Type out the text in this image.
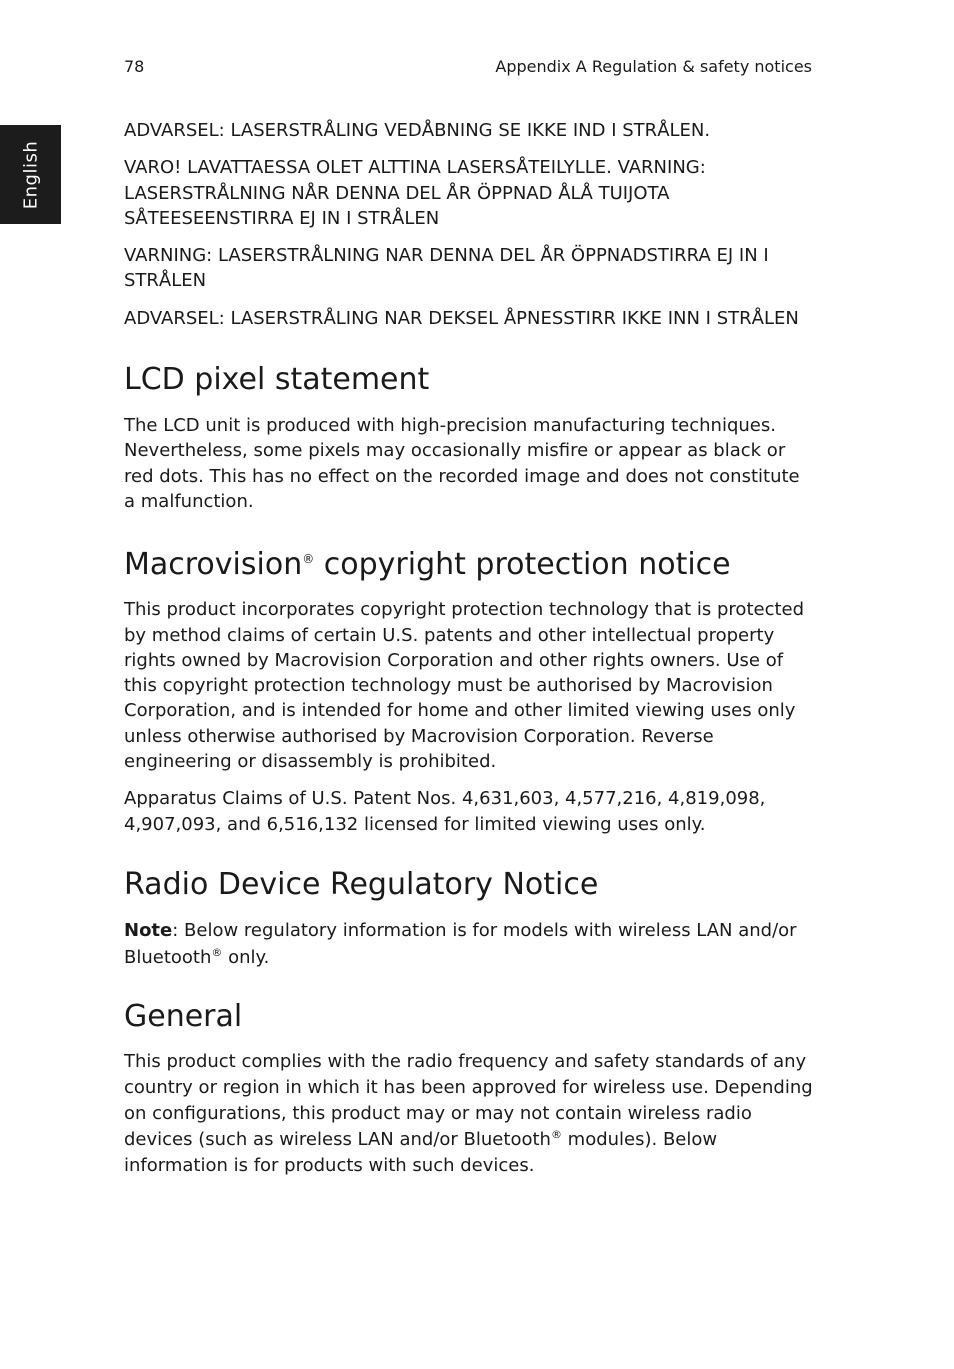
78	Appendix A Regulation & safety notices
English

ADVARSEL: LASERSTRÅLING VEDÅBNING SE IKKE IND I STRÅLEN.

VARO! LAVATTAESSA OLET ALTTINA LASERSÅTEILYLLE. VARNING: LASERSTRÅLNING NÅR DENNA DEL ÅR ÖPPNAD ÅLÅ TUIJOTA SÅTEESEENSTIRRA EJ IN I STRÅLEN

VARNING: LASERSTRÅLNING NAR DENNA DEL ÅR ÖPPNADSTIRRA EJ IN I STRÅLEN

ADVARSEL: LASERSTRÅLING NAR DEKSEL ÅPNESSTIRR IKKE INN I STRÅLEN

LCD pixel statement

The LCD unit is produced with high-precision manufacturing techniques. Nevertheless, some pixels may occasionally misfire or appear as black or red dots. This has no effect on the recorded image and does not constitute a malfunction.

Macrovision® copyright protection notice

This product incorporates copyright protection technology that is protected by method claims of certain U.S. patents and other intellectual property rights owned by Macrovision Corporation and other rights owners. Use of this copyright protection technology must be authorised by Macrovision Corporation, and is intended for home and other limited viewing uses only unless otherwise authorised by Macrovision Corporation. Reverse engineering or disassembly is prohibited.

Apparatus Claims of U.S. Patent Nos. 4,631,603, 4,577,216, 4,819,098, 4,907,093, and 6,516,132 licensed for limited viewing uses only.

Radio Device Regulatory Notice

Note: Below regulatory information is for models with wireless LAN and/or Bluetooth® only.

General

This product complies with the radio frequency and safety standards of any country or region in which it has been approved for wireless use. Depending on configurations, this product may or may not contain wireless radio devices (such as wireless LAN and/or Bluetooth® modules). Below information is for products with such devices.
